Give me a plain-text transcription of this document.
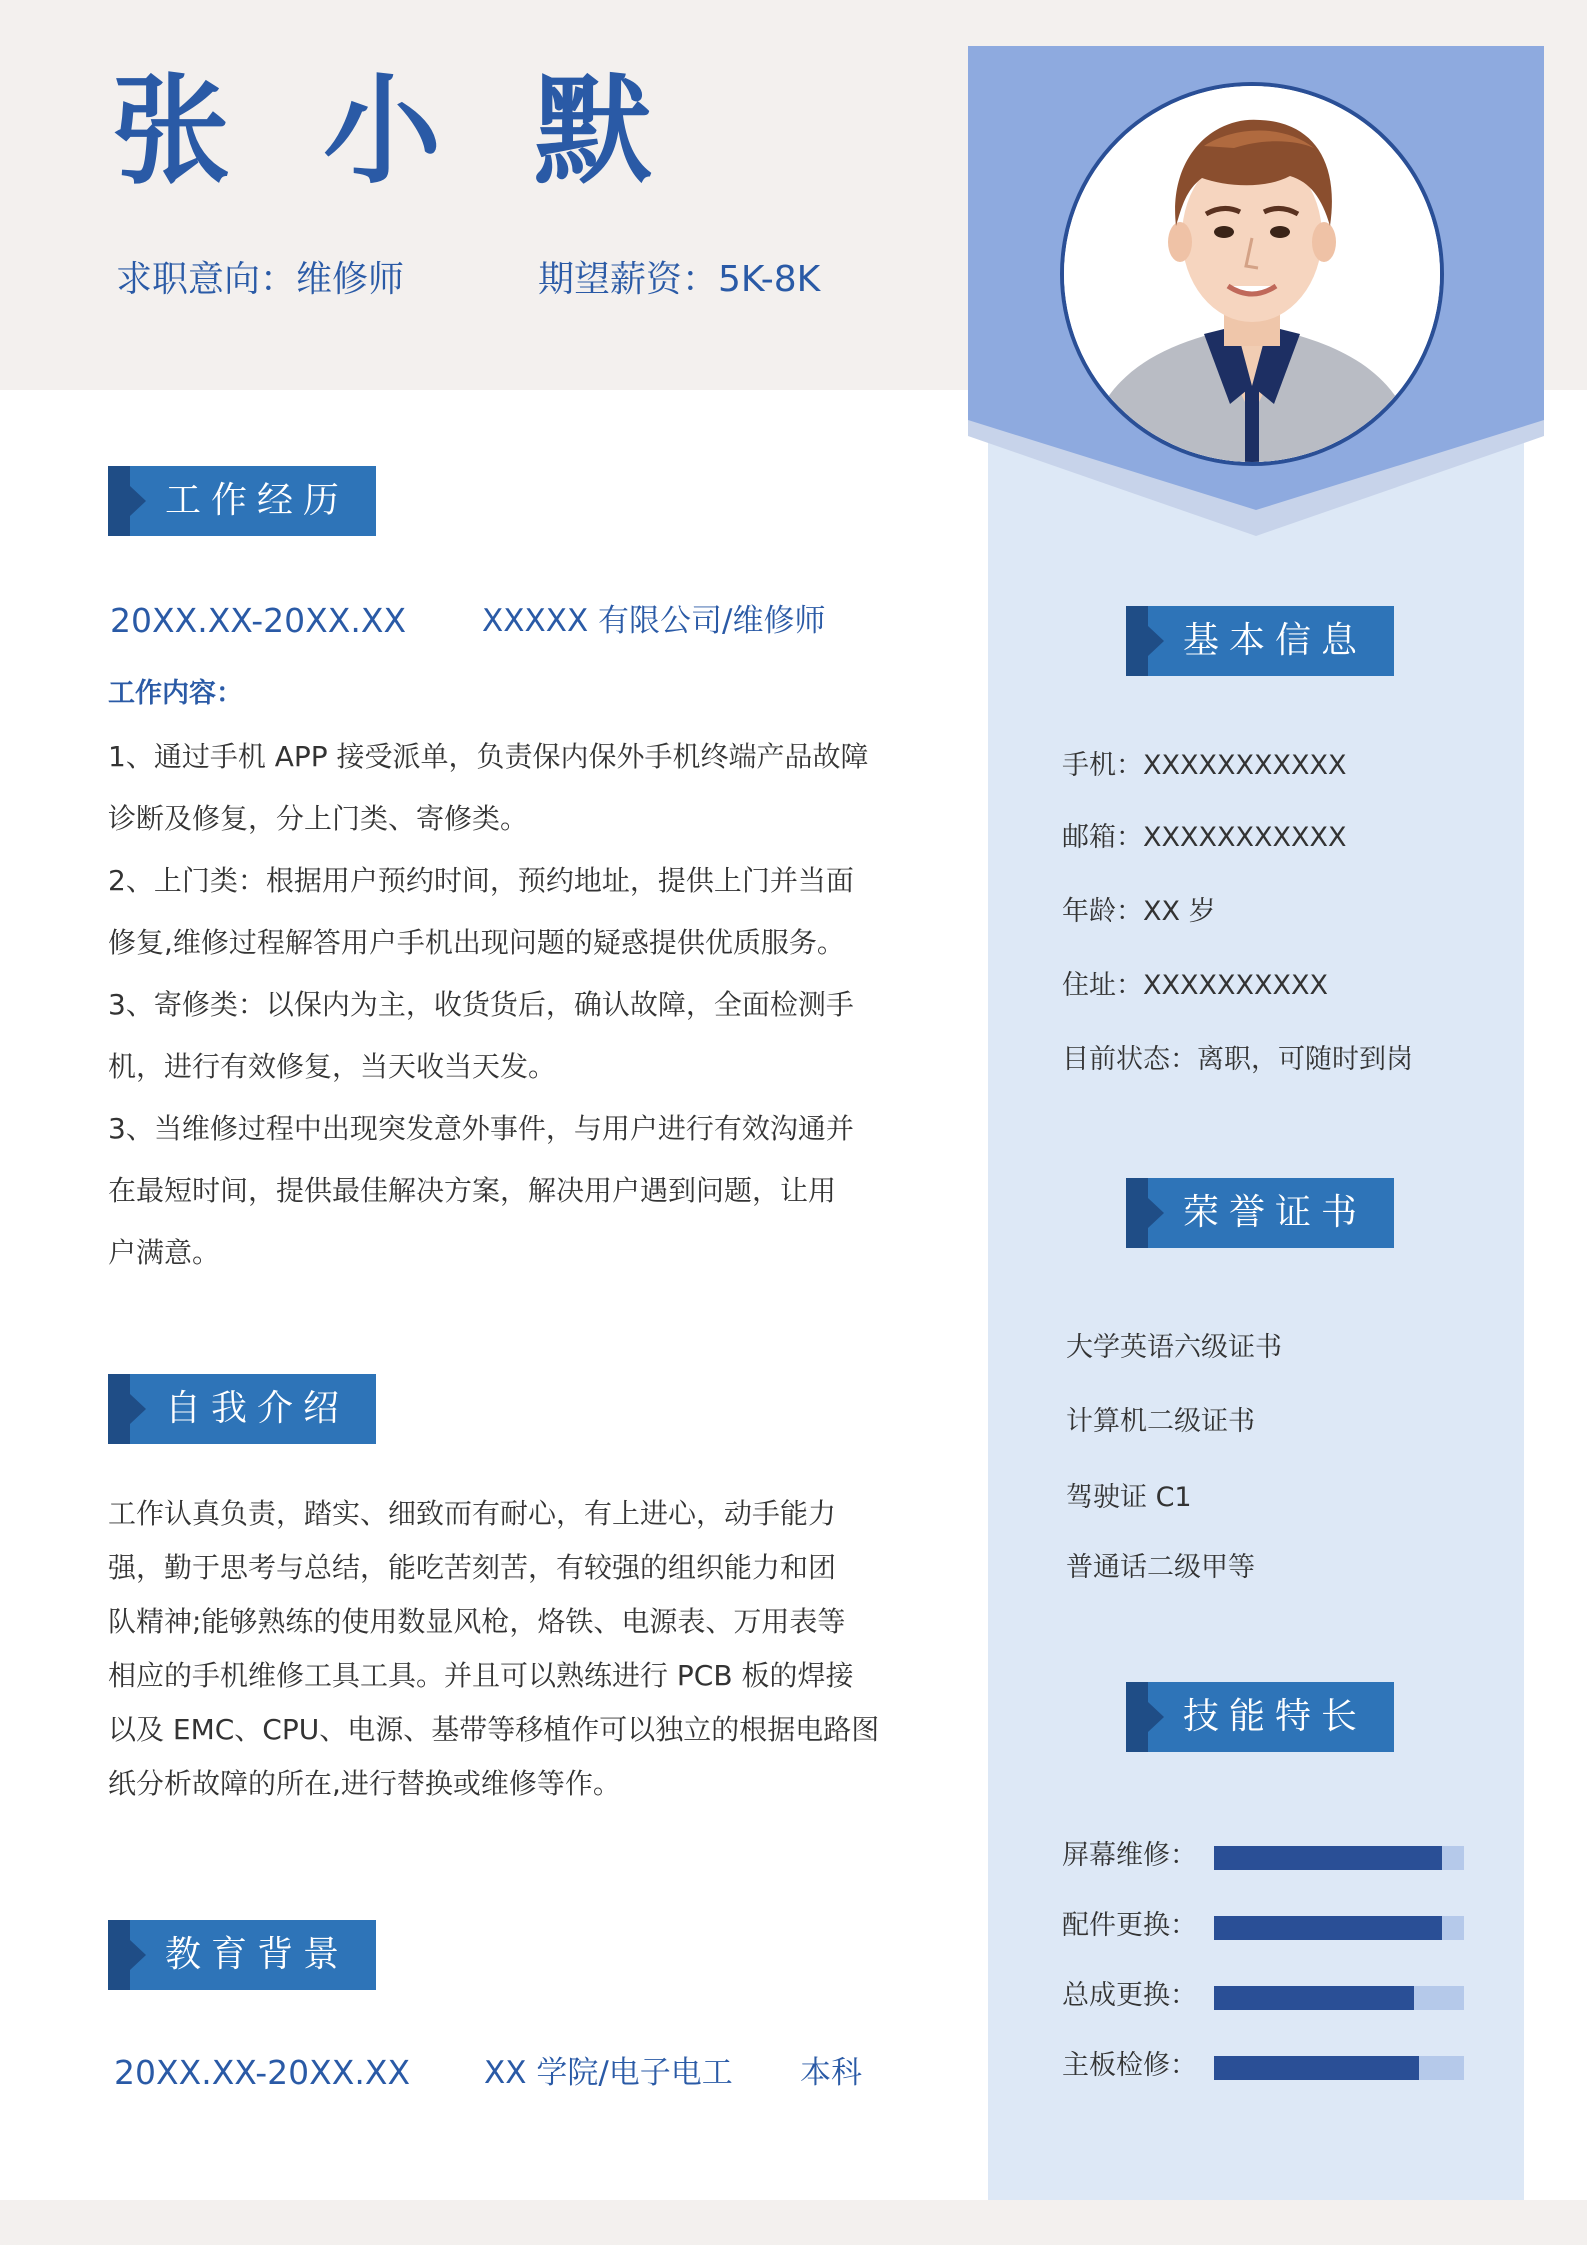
张 小 默
求职意向：维修师	期望薪资：5K-8K
工作经历
20XX.XX-20XX.XX XXXXX 有限公司/维修师
工作内容：
1、通过手机 APP 接受派单，负责保内保外手机终端产品故障
诊断及修复，分上门类、寄修类。
2、上门类：根据用户预约时间，预约地址，提供上门并当面
修复,维修过程解答用户手机出现问题的疑惑提供优质服务。
3、寄修类：以保内为主，收货货后，确认故障，全面检测手
机，进行有效修复，当天收当天发。
3、当维修过程中出现突发意外事件，与用户进行有效沟通并
在最短时间，提供最佳解决方案，解决用户遇到问题，让用
户满意。
自我介绍
工作认真负责，踏实、细致而有耐心，有上进心，动手能力
强，勤于思考与总结，能吃苦刻苦，有较强的组织能力和团
队精神;能够熟练的使用数显风枪，烙铁、电源表、万用表等
相应的手机维修工具工具。并且可以熟练进行 PCB 板的焊接
以及 EMC、CPU、电源、基带等移植作可以独立的根据电路图
纸分析故障的所在,进行替换或维修等作。
教育背景
20XX.XX-20XX.XX XX 学院/电子电工 本科
基本信息
手机：XXXXXXXXXXX
邮箱：XXXXXXXXXXX
年龄：XX 岁
住址：XXXXXXXXXX
目前状态：离职，可随时到岗
荣誉证书
大学英语六级证书
计算机二级证书
驾驶证 C1
普通话二级甲等
技能特长
屏幕维修：
配件更换：
总成更换：
主板检修：
